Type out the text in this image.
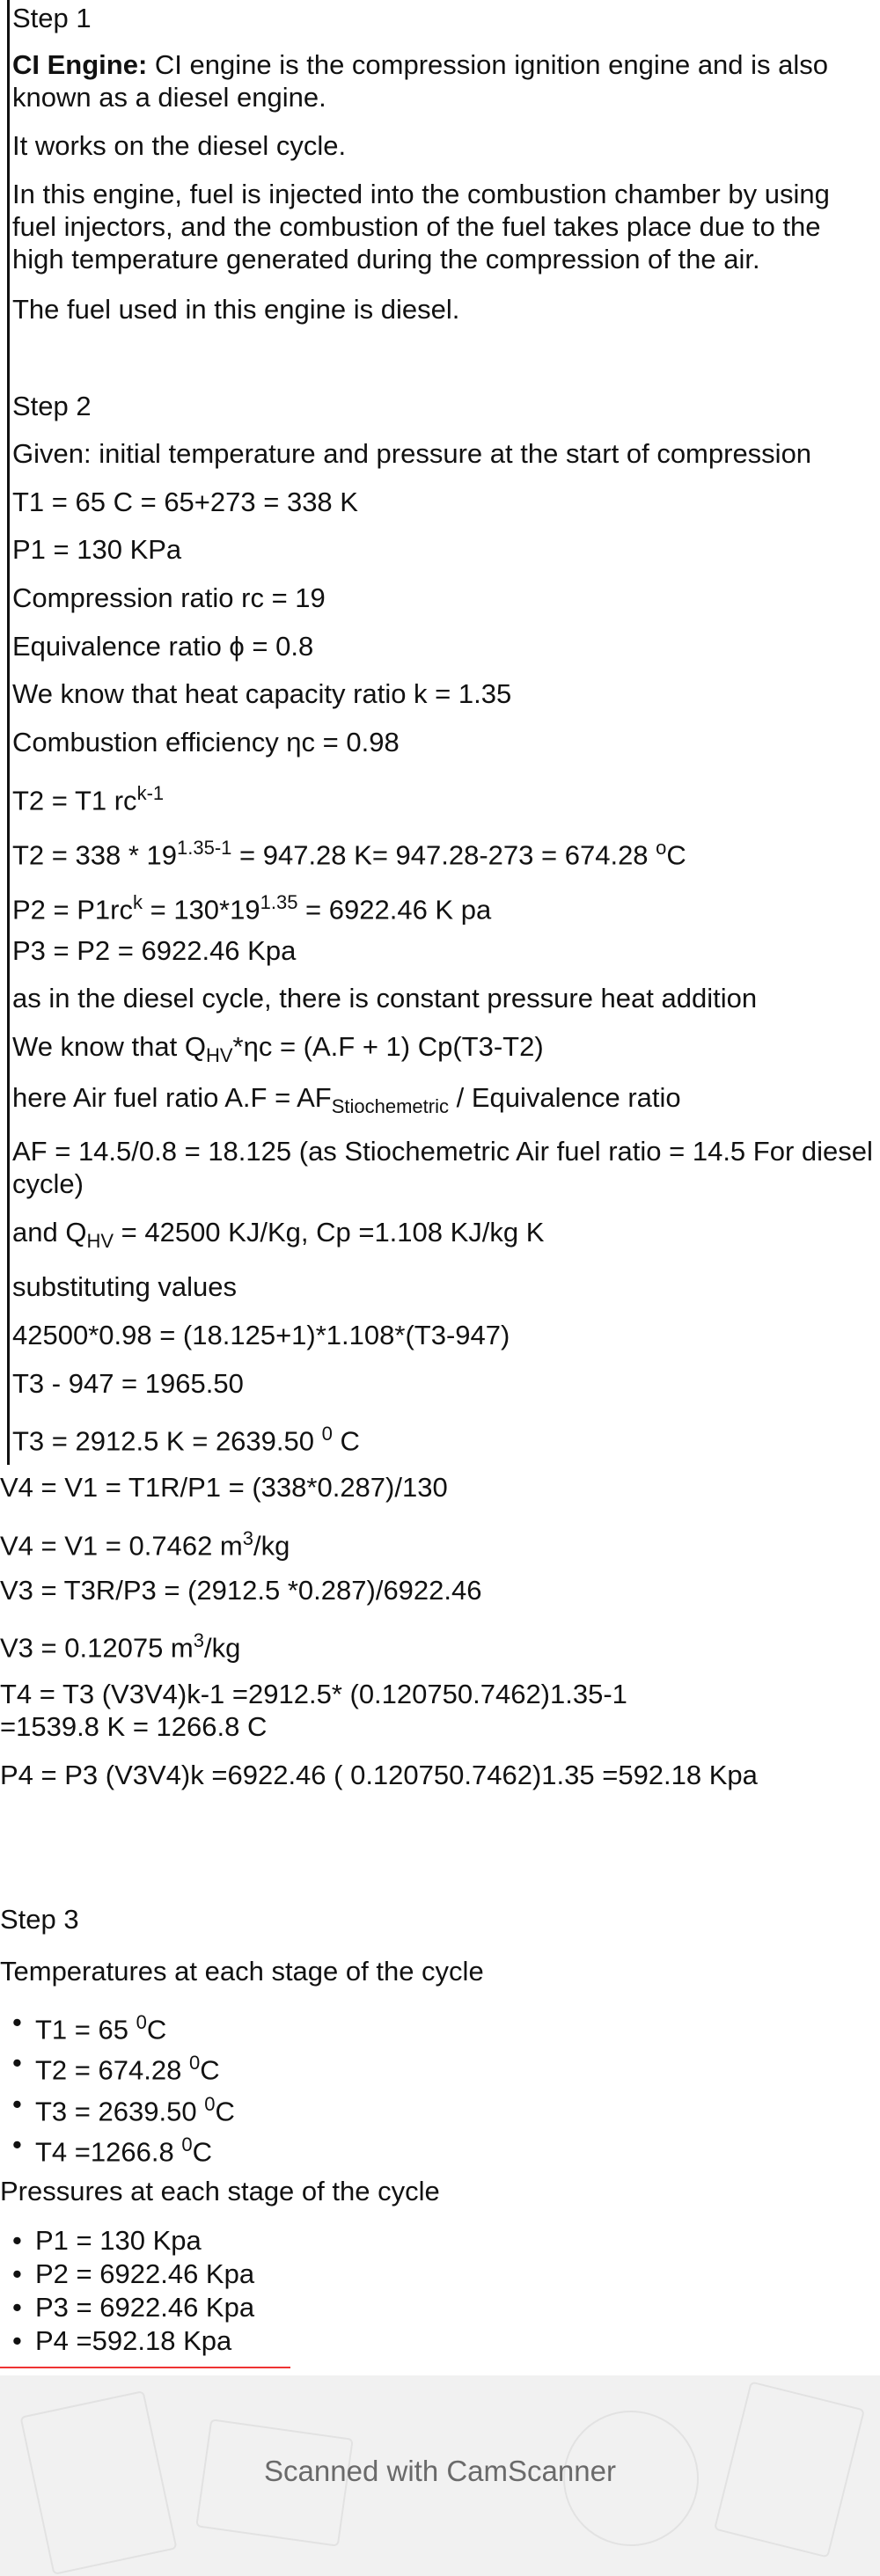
Step 1
CI Engine: CI engine is the compression ignition engine and is also known as a diesel engine.
It works on the diesel cycle.
In this engine, fuel is injected into the combustion chamber by using fuel injectors, and the combustion of the fuel takes place due to the high temperature generated during the compression of the air.
The fuel used in this engine is diesel.
Step 2
Given: initial temperature and pressure at the start of compression
T1 = 65 C = 65+273 = 338 K
P1 = 130 KPa
Compression ratio rc = 19
Equivalence ratio ϕ = 0.8
We know that heat capacity ratio k = 1.35
Combustion efficiency ηc = 0.98
T2 = T1 $rc^{k-1}$
$T2 = 338 * 19^{1.35-1} = 947.28$ K= 947.28-273 = 674.28 $^o$C
$P2 = P1rc^k = 130*19^{1.35} = 6922.46$ K pa
P3 = P2 = 6922.46 Kpa
as in the diesel cycle, there is constant pressure heat addition
We know that $Q_{HV}*\eta c = (A.F + 1)$ Cp(T3-T2)
here Air fuel ratio $A.F = AF_{Stiochemetric}$ / Equivalence ratio
AF = 14.5/0.8 = 18.125 (as Stiochemetric Air fuel ratio = 14.5 For diesel cycle)
and $Q_{HV} = 42500$ KJ/Kg, Cp =1.108 KJ/kg K
substituting values
42500*0.98 = (18.125+1)*1.108*(T3-947)
T3 - 947 = 1965.50
T3 = 2912.5 K = 2639.50 $^0$ C
V4 = V1 = T1R/P1 = (338*0.287)/130
V4 = V1 = 0.7462 $m^3/kg$
V3 = T3R/P3 = (2912.5 *0.287)/6922.46
V3 = 0.12075 $m^3/kg$
T4 = T3 (V3V4)k-1 =2912.5* (0.120750.7462)1.35-1 =1539.8 K = 1266.8 C
P4 = P3 (V3V4)k =6922.46 ( 0.120750.7462)1.35 =592.18 Kpa
Step 3
Temperatures at each stage of the cycle
• T1 = 65 $^0$C
• T2 = 674.28 $^0$C
• T3 = 2639.50 $^0$C
• T4 =1266.8 $^0$C
Pressures at each stage of the cycle
• P1 = 130 Kpa
• P2 = 6922.46 Kpa
• P3 = 6922.46 Kpa
• P4 =592.18 Kpa
Scanned with CamScanner
